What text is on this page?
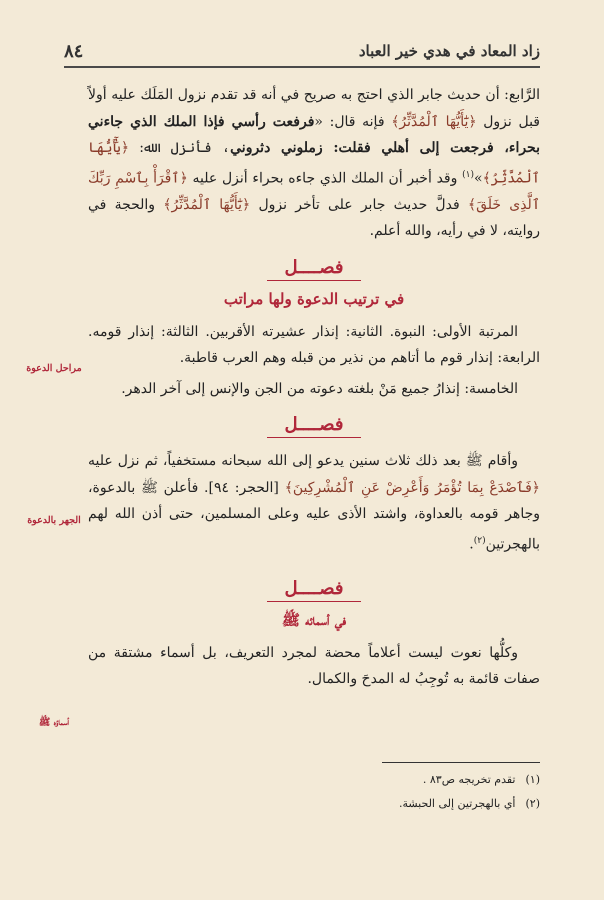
زاد المعاد في هدي خير العباد
٨٤

الرَّابع: أن حديث جابر الذي احتج به صريح في أنه قد تقدم نزول المَلَك عليه أولاً قبل نزول ﴿يَٰٓأَيُّهَا ٱلْمُدَّثِّرُ﴾ فإنه قال: «فرفعت رأسي فإذا الملك الذي جاءني بحراء، فرجعت إلى أهلي فقلت: زملوني دثروني، فأنزل الله: ﴿يَٰٓأَيُّهَا ٱلْمُدَّثِّرُ﴾»$^{(١)}$ وقد أخبر أن الملك الذي جاءه بحراء أنزل عليه ﴿ٱقْرَأْ بِٱسْمِ رَبِّكَ ٱلَّذِى خَلَقَ﴾ فدلَّ حديث جابر على تأخر نزول ﴿يَٰٓأَيُّهَا ٱلْمُدَّثِّرُ﴾ والحجة في روايته، لا في رأيه، والله أعلم.

فصــــل
في ترتيب الدعوة ولها مراتب

المرتبة الأولى: النبوة. الثانية: إنذار عشيرته الأقربين. الثالثة: إنذار قومه. الرابعة: إنذار قوم ما أتاهم من نذير من قبله وهم العرب قاطبة.

الخامسة: إنذارُ جميع مَنْ بلغته دعوته من الجن والإنس إلى آخر الدهر.

فصــــل

وأقام ﷺ بعد ذلك ثلاث سنين يدعو إلى الله سبحانه مستخفياً، ثم نزل عليه ﴿فَٱصْدَعْ بِمَا تُؤْمَرُ وَأَعْرِضْ عَنِ ٱلْمُشْرِكِينَ﴾ [الحجر: ٩٤]. فأعلن ﷺ بالدعوة، وجاهر قومه بالعداوة، واشتد الأذى عليه وعلى المسلمين، حتى أذن الله لهم بالهجرتين$^{(٢)}$.

فصــــل
في أسمائه ﷺ

وكلُّها نعوت ليست أعلاماً محضة لمجرد التعريف، بل أسماء مشتقة من صفات قائمة به تُوجِبُ له المدحَ والكمال.

مراحل الدعوة
الجهر بالدعوة
أسماؤه ﷺ
(١)
تقدم تخريجه ص٨٣ .
(٢)
أي بالهجرتين إلى الحبشة.
